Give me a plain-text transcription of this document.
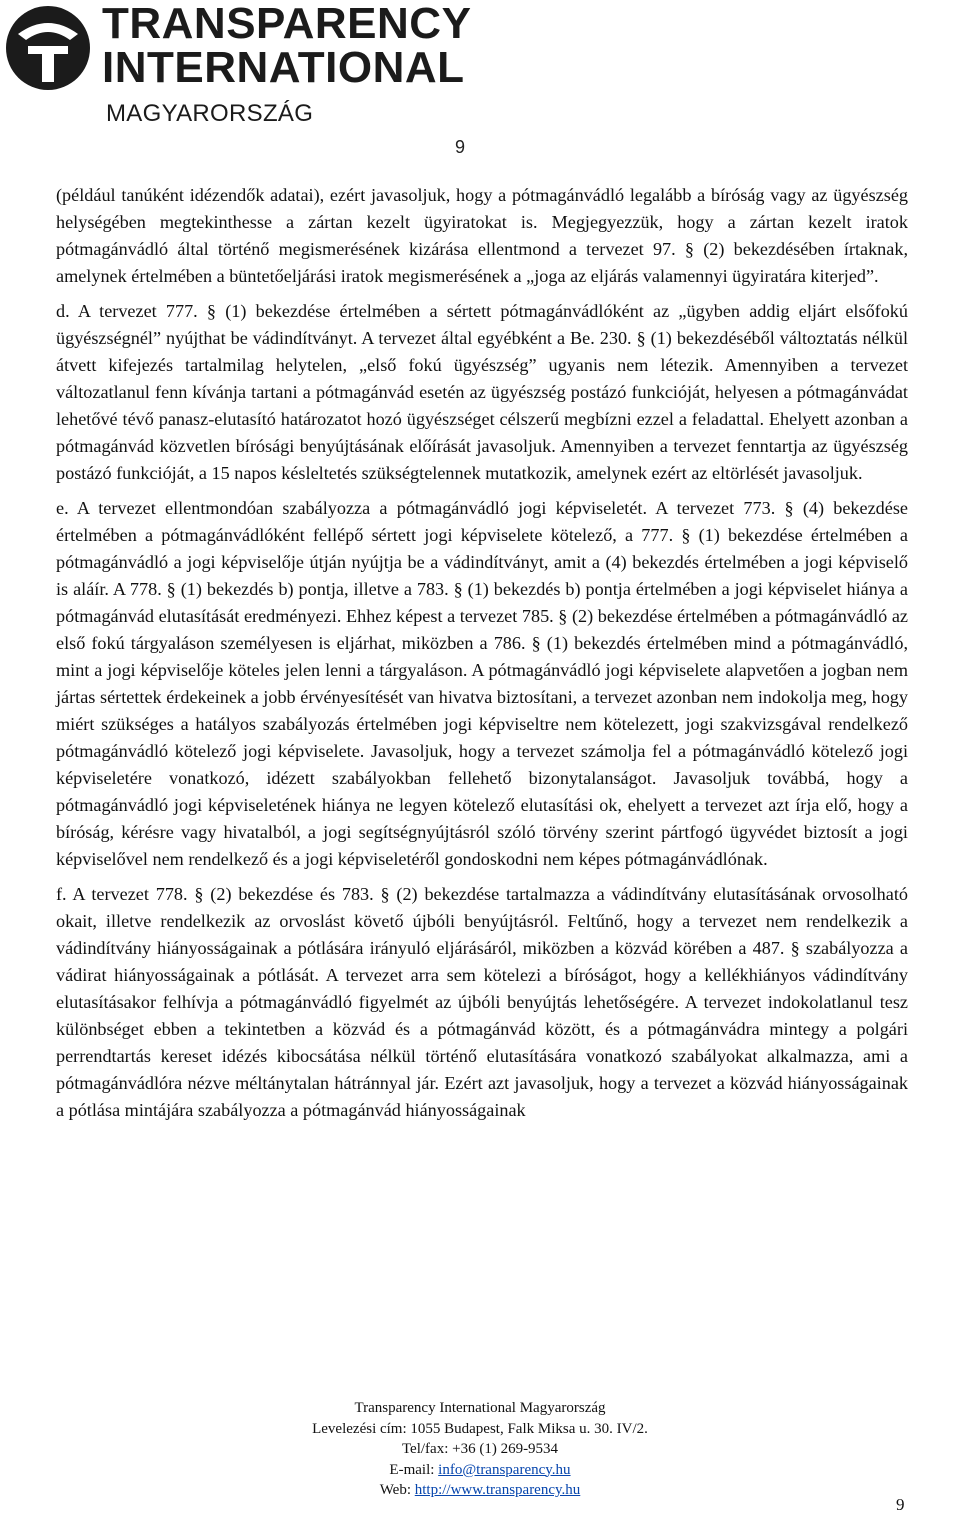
TRANSPARENCY
INTERNATIONAL
MAGYARORSZÁG
9

(például tanúként idézendők adatai), ezért javasoljuk, hogy a pótmagánvádló legalább a bíróság vagy az ügyészség helységében megtekinthesse a zártan kezelt ügyiratokat is. Megjegyezzük, hogy a zártan kezelt iratok pótmagánvádló által történő megismerésének kizárása ellentmond a tervezet 97. § (2) bekezdésében írtaknak, amelynek értelmében a büntetőeljárási iratok megismerésének a „joga az eljárás valamennyi ügyiratára kiterjed”.

d. A tervezet 777. § (1) bekezdése értelmében a sértett pótmagánvádlóként az „ügyben addig eljárt elsőfokú ügyészségnél” nyújthat be vádindítványt. A tervezet által egyébként a Be. 230. § (1) bekezdéséből változtatás nélkül átvett kifejezés tartalmilag helytelen, „első fokú ügyészség” ugyanis nem létezik. Amennyiben a tervezet változatlanul fenn kívánja tartani a pótmagánvád esetén az ügyészség postázó funkcióját, helyesen a pótmagánvádat lehetővé tévő panasz-elutasító határozatot hozó ügyészséget célszerű megbízni ezzel a feladattal. Ehelyett azonban a pótmagánvád közvetlen bírósági benyújtásának előírását javasoljuk. Amennyiben a tervezet fenntartja az ügyészség postázó funkcióját, a 15 napos késleltetés szükségtelennek mutatkozik, amelynek ezért az eltörlését javasoljuk.

e. A tervezet ellentmondóan szabályozza a pótmagánvádló jogi képviseletét. A tervezet 773. § (4) bekezdése értelmében a pótmagánvádlóként fellépő sértett jogi képviselete kötelező, a 777. § (1) bekezdése értelmében a pótmagánvádló a jogi képviselője útján nyújtja be a vádindítványt, amit a (4) bekezdés értelmében a jogi képviselő is aláír. A 778. § (1) bekezdés b) pontja, illetve a 783. § (1) bekezdés b) pontja értelmében a jogi képviselet hiánya a pótmagánvád elutasítását eredményezi. Ehhez képest a tervezet 785. § (2) bekezdése értelmében a pótmagánvádló az első fokú tárgyaláson személyesen is eljárhat, miközben a 786. § (1) bekezdés értelmében mind a pótmagánvádló, mint a jogi képviselője köteles jelen lenni a tárgyaláson. A pótmagánvádló jogi képviselete alapvetően a jogban nem jártas sértettek érdekeinek a jobb érvényesítését van hivatva biztosítani, a tervezet azonban nem indokolja meg, hogy miért szükséges a hatályos szabályozás értelmében jogi képviseltre nem kötelezett, jogi szakvizsgával rendelkező pótmagánvádló kötelező jogi képviselete. Javasoljuk, hogy a tervezet számolja fel a pótmagánvádló kötelező jogi képviseletére vonatkozó, idézett szabályokban fellehető bizonytalanságot. Javasoljuk továbbá, hogy a pótmagánvádló jogi képviseletének hiánya ne legyen kötelező elutasítási ok, ehelyett a tervezet azt írja elő, hogy a bíróság, kérésre vagy hivatalból, a jogi segítségnyújtásról szóló törvény szerint pártfogó ügyvédet biztosít a jogi képviselővel nem rendelkező és a jogi képviseletéről gondoskodni nem képes pótmagánvádlónak.

f. A tervezet 778. § (2) bekezdése és 783. § (2) bekezdése tartalmazza a vádindítvány elutasításának orvosolható okait, illetve rendelkezik az orvoslást követő újbóli benyújtásról. Feltűnő, hogy a tervezet nem rendelkezik a vádindítvány hiányosságainak a pótlására irányuló eljárásáról, miközben a közvád körében a 487. § szabályozza a vádirat hiányosságainak a pótlását. A tervezet arra sem kötelezi a bíróságot, hogy a kellékhiányos vádindítvány elutasításakor felhívja a pótmagánvádló figyelmét az újbóli benyújtás lehetőségére. A tervezet indokolatlanul tesz különbséget ebben a tekintetben a közvád és a pótmagánvád között, és a pótmagánvádra mintegy a polgári perrendtartás kereset idézés kibocsátása nélkül történő elutasítására vonatkozó szabályokat alkalmazza, ami a pótmagánvádlóra nézve méltánytalan hátránnyal jár. Ezért azt javasoljuk, hogy a tervezet a közvád hiányosságainak a pótlása mintájára szabályozza a pótmagánvád hiányosságainak

Transparency International Magyarország
Levelezési cím: 1055 Budapest, Falk Miksa u. 30. IV/2.
Tel/fax: +36 (1) 269-9534
E-mail: info@transparency.hu
Web: http://www.transparency.hu
9
